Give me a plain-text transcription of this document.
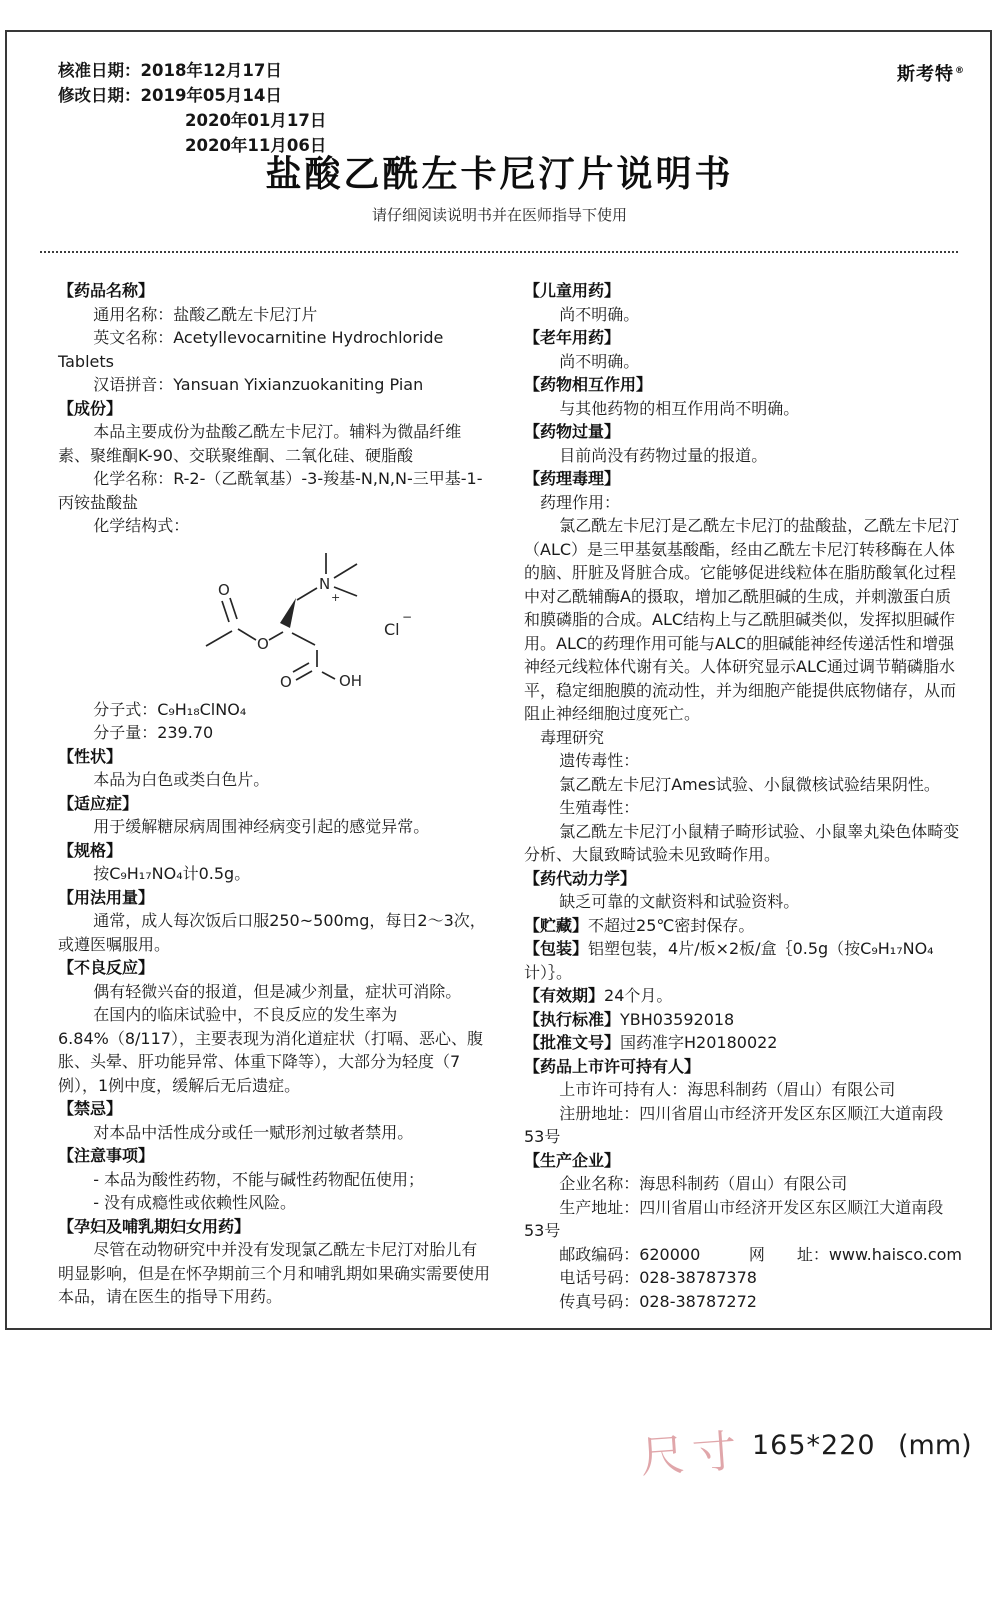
核准日期：2018年12月17日
修改日期：2019年05月14日
2020年01月17日
2020年11月06日
斯考特®
盐酸乙酰左卡尼汀片说明书
请仔细阅读说明书并在医师指导下使用
【药品名称】
通用名称：盐酸乙酰左卡尼汀片
英文名称：Acetyllevocarnitine Hydrochloride Tablets
汉语拼音：Yansuan Yixianzuokaniting Pian
【成份】
本品主要成份为盐酸乙酰左卡尼汀。辅料为微晶纤维素、聚维酮K-90、交联聚维酮、二氧化硅、硬脂酸
化学名称：R-2-（乙酰氧基）-3-羧基-N,N,N-三甲基-1-丙铵盐酸盐
化学结构式：
O
O
N
+
O	OH
Cl
−
分子式：C₉H₁₈ClNO₄
分子量：239.70
【性状】
本品为白色或类白色片。
【适应症】
用于缓解糖尿病周围神经病变引起的感觉异常。
【规格】
按C₉H₁₇NO₄计0.5g。
【用法用量】
通常，成人每次饭后口服250~500mg，每日2～3次，或遵医嘱服用。
【不良反应】
偶有轻微兴奋的报道，但是减少剂量，症状可消除。
在国内的临床试验中，不良反应的发生率为6.84%（8/117），主要表现为消化道症状（打嗝、恶心、腹胀、头晕、肝功能异常、体重下降等），大部分为轻度（7例），1例中度，缓解后无后遗症。
【禁忌】
对本品中活性成分或任一赋形剂过敏者禁用。
【注意事项】
- 本品为酸性药物，不能与碱性药物配伍使用；
- 没有成瘾性或依赖性风险。
【孕妇及哺乳期妇女用药】
尽管在动物研究中并没有发现氯乙酰左卡尼汀对胎儿有明显影响，但是在怀孕期前三个月和哺乳期如果确实需要使用本品，请在医生的指导下用药。
【儿童用药】
尚不明确。
【老年用药】
尚不明确。
【药物相互作用】
与其他药物的相互作用尚不明确。
【药物过量】
目前尚没有药物过量的报道。
【药理毒理】
药理作用：
氯乙酰左卡尼汀是乙酰左卡尼汀的盐酸盐，乙酰左卡尼汀（ALC）是三甲基氨基酸酯，经由乙酰左卡尼汀转移酶在人体的脑、肝脏及肾脏合成。它能够促进线粒体在脂肪酸氧化过程中对乙酰辅酶A的摄取，增加乙酰胆碱的生成，并刺激蛋白质和膜磷脂的合成。ALC结构上与乙酰胆碱类似，发挥拟胆碱作用。ALC的药理作用可能与ALC的胆碱能神经传递活性和增强神经元线粒体代谢有关。人体研究显示ALC通过调节鞘磷脂水平，稳定细胞膜的流动性，并为细胞产能提供底物储存，从而阻止神经细胞过度死亡。
毒理研究
遗传毒性：
氯乙酰左卡尼汀Ames试验、小鼠微核试验结果阴性。
生殖毒性：
氯乙酰左卡尼汀小鼠精子畸形试验、小鼠睾丸染色体畸变分析、大鼠致畸试验未见致畸作用。
【药代动力学】
缺乏可靠的文献资料和试验资料。
【贮藏】不超过25℃密封保存。
【包装】铝塑包装，4片/板×2板/盒｛0.5g（按C₉H₁₇NO₄计）｝。
【有效期】24个月。
【执行标准】YBH03592018
【批准文号】国药准字H20180022
【药品上市许可持有人】
上市许可持有人：海思科制药（眉山）有限公司
注册地址：四川省眉山市经济开发区东区顺江大道南段53号
【生产企业】
企业名称：海思科制药（眉山）有限公司
生产地址：四川省眉山市经济开发区东区顺江大道南段53号
邮政编码：620000	网　　址：www.haisco.com
电话号码：028-38787378
传真号码：028-38787272
尺寸 165*220 (mm)
